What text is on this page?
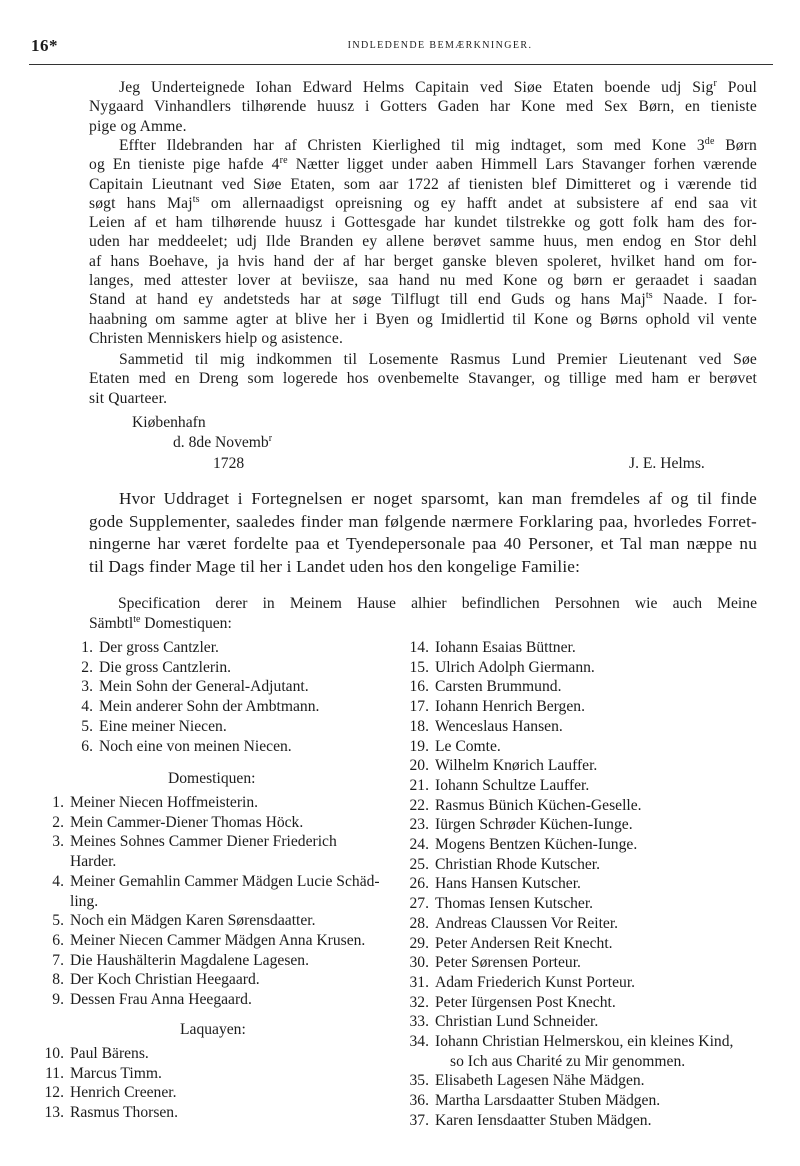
16*	INDLEDENDE BEMÆRKNINGER.
Jeg Underteignede Iohan Edward Helms Capitain ved Siøe Etaten boende udj Sig$^r$ Poul
Nygaard Vinhandlers tilhørende huusz i Gotters Gaden har Kone med Sex Børn, en tieniste
pige og Amme.
Effter Ildebranden har af Christen Kierlighed til mig indtaget, som med Kone 3de Børn
og En tieniste pige hafde 4re Nætter ligget under aaben Himmell Lars Stavanger forhen værende
Capitain Lieutnant ved Siøe Etaten, som aar 1722 af tienisten blef Dimitteret og i værende tid
søgt hans Maj$^{ts}$ om allernaadigst opreisning og ey hafft andet at subsistere af end saa vit
Leien af et ham tilhørende huusz i Gottesgade har kundet tilstrekke og gott folk ham des for-
uden har meddeelet; udj Ilde Branden ey allene berøvet samme huus, men endog en Stor dehl
af hans Boehave, ja hvis hand der af har berget ganske bleven spoleret, hvilket hand om for-
langes, med attester lover at beviisze, saa hand nu med Kone og børn er geraadet i saadan
Stand at hand ey andetsteds har at søge Tilflugt till end Guds og hans Maj$^{ts}$ Naade. I for-
haabning om samme agter at blive her i Byen og Imidlertid til Kone og Børns ophold vil vente
Christen Menniskers hielp og asistence.
Sammetid til mig indkommen til Losemente Rasmus Lund Premier Lieutenant ved Søe
Etaten med en Dreng som logerede hos ovenbemelte Stavanger, og tillige med ham er berøvet
sit Quarteer.
Kiøbenhafn
d. 8de Novemb$^r$
1728	J. E. Helms.
Hvor Uddraget i Fortegnelsen er noget sparsomt, kan man fremdeles af og til finde
gode Supplementer, saaledes finder man følgende nærmere Forklaring paa, hvorledes Forret-
ningerne har været fordelte paa et Tyendepersonale paa 40 Personer, et Tal man næppe nu
til Dags finder Mage til her i Landet uden hos den kongelige Familie:
Specification derer in Meinem Hause alhier befindlichen Persohnen wie auch Meine
Sämbtl$^{te}$ Domestiquen:
1. Der gross Cantzler.
2. Die gross Cantzlerin.
3. Mein Sohn der General-Adjutant.
4. Mein anderer Sohn der Ambtmann.
5. Eine meiner Niecen.
6. Noch eine von meinen Niecen.
Domestiquen:
1. Meiner Niecen Hoffmeisterin.
2. Mein Cammer-Diener Thomas Höck.
3. Meines Sohnes Cammer Diener Friederich
Harder.
4. Meiner Gemahlin Cammer Mädgen Lucie Schäd-
ling.
5. Noch ein Mädgen Karen Sørensdaatter.
6. Meiner Niecen Cammer Mädgen Anna Krusen.
7. Die Haushälterin Magdalene Lagesen.
8. Der Koch Christian Heegaard.
9. Dessen Frau Anna Heegaard.
Laquayen:
10. Paul Bärens.
11. Marcus Timm.
12. Henrich Creener.
13. Rasmus Thorsen.
14. Iohann Esaias Büttner.
15. Ulrich Adolph Giermann.
16. Carsten Brummund.
17. Iohann Henrich Bergen.
18. Wenceslaus Hansen.
19. Le Comte.
20. Wilhelm Knørich Lauffer.
21. Iohann Schultze Lauffer.
22. Rasmus Bünich Küchen-Geselle.
23. Iürgen Schrøder Küchen-Iunge.
24. Mogens Bentzen Küchen-Iunge.
25. Christian Rhode Kutscher.
26. Hans Hansen Kutscher.
27. Thomas Iensen Kutscher.
28. Andreas Claussen Vor Reiter.
29. Peter Andersen Reit Knecht.
30. Peter Sørensen Porteur.
31. Adam Friederich Kunst Porteur.
32. Peter Iürgensen Post Knecht.
33. Christian Lund Schneider.
34. Iohann Christian Helmerskou, ein kleines Kind,
so Ich aus Charité zu Mir genommen.
35. Elisabeth Lagesen Nähe Mädgen.
36. Martha Larsdaatter Stuben Mädgen.
37. Karen Iensdaatter Stuben Mädgen.
